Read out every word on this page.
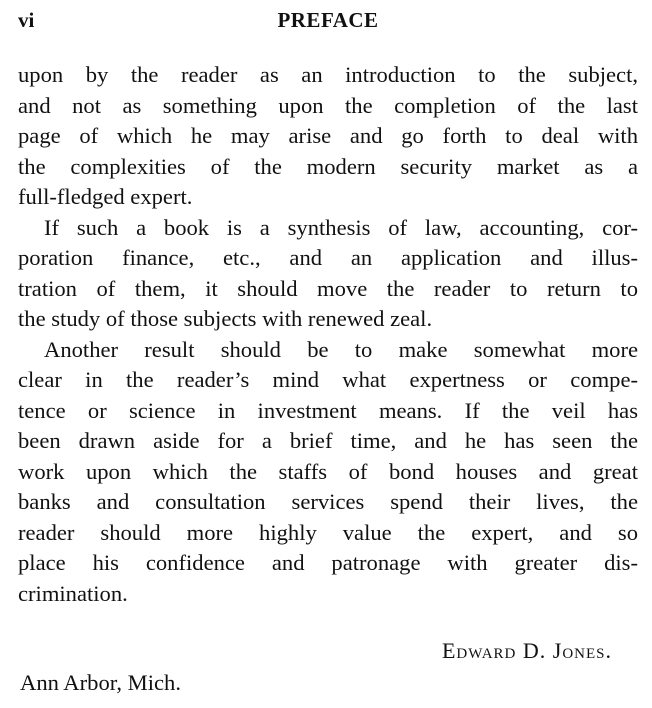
vi	PREFACE

upon by the reader as an introduction to the subject,
and not as something upon the completion of the last
page of which he may arise and go forth to deal with
the complexities of the modern security market as a
full-fledged expert.

If such a book is a synthesis of law, accounting, cor-
poration finance, etc., and an application and illus-
tration of them, it should move the reader to return to
the study of those subjects with renewed zeal.

Another result should be to make somewhat more
clear in the reader’s mind what expertness or compe-
tence or science in investment means. If the veil has
been drawn aside for a brief time, and he has seen the
work upon which the staffs of bond houses and great
banks and consultation services spend their lives, the
reader should more highly value the expert, and so
place his confidence and patronage with greater dis-
crimination.

Edward D. Jones.
Ann Arbor, Mich.
